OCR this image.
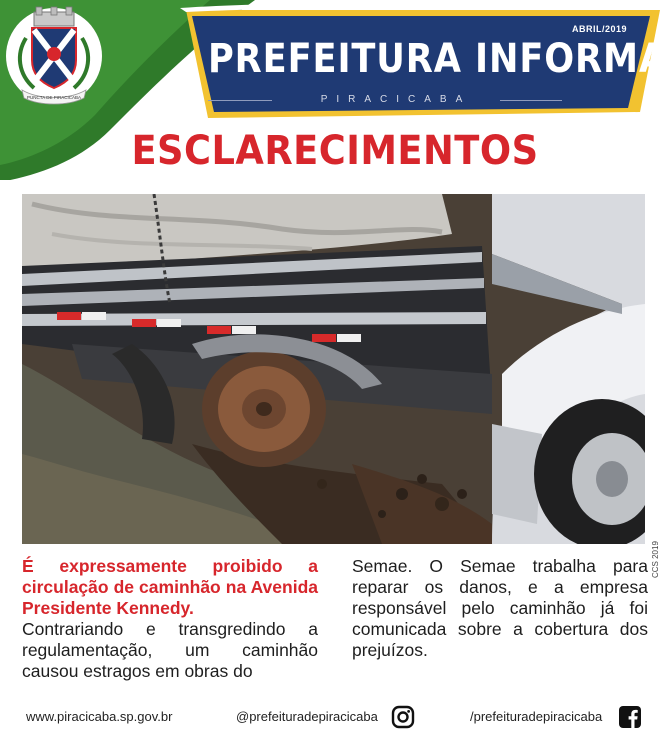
PUNCTA DE PIRACICABA
PREFEITURA INFORMA
ABRIL/2019
PIRACICABA
ESCLARECIMENTOS
CCS 2019
É expressamente proibido a circulação de caminhão na Avenida Presidente Kennedy.
Contrariando e transgredindo a regulamentação, um caminhão causou estragos em obras do
Semae. O Semae trabalha para reparar os danos, e a empresa responsável pelo caminhão já foi comunicada sobre a cobertura dos prejuízos.
www.piracicaba.sp.gov.br	@prefeituradepiracicaba	/prefeituradepiracicaba
